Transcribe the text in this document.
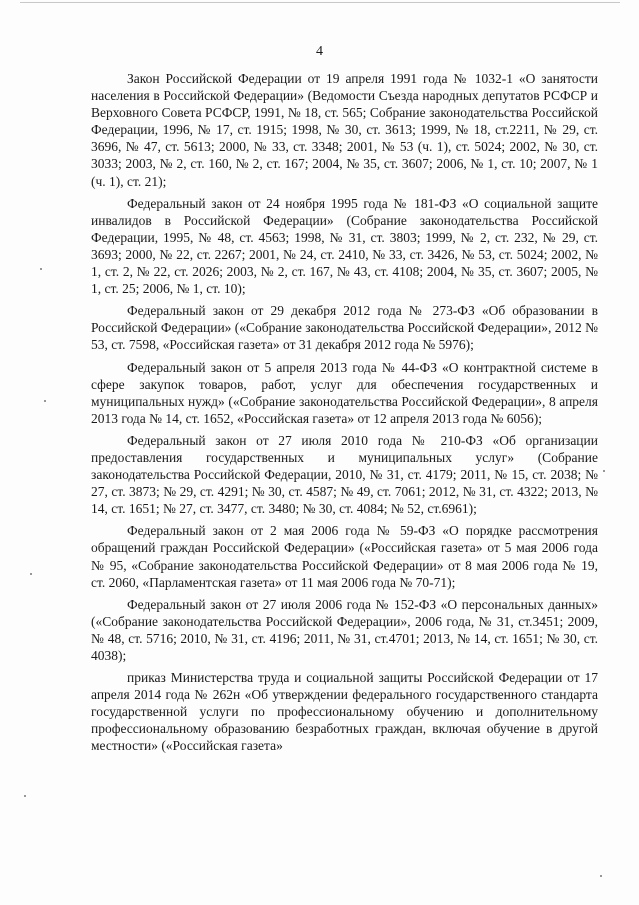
4

Закон Российской Федерации от 19 апреля 1991 года № 1032-1 «О занятости населения в Российской Федерации» (Ведомости Съезда народных депутатов РСФСР и Верховного Совета РСФСР, 1991, № 18, ст. 565; Собрание законодательства Российской Федерации, 1996, № 17, ст. 1915; 1998, № 30, ст. 3613; 1999, № 18, ст.2211, № 29, ст. 3696, № 47, ст. 5613; 2000, № 33, ст. 3348; 2001, № 53 (ч. 1), ст. 5024; 2002, № 30, ст. 3033; 2003, № 2, ст. 160, № 2, ст. 167; 2004, № 35, ст. 3607; 2006, № 1, ст. 10; 2007, № 1 (ч. 1), ст. 21);

Федеральный закон от 24 ноября 1995 года № 181-ФЗ «О социальной защите инвалидов в Российской Федерации» (Собрание законодательства Российской Федерации, 1995, № 48, ст. 4563; 1998, № 31, ст. 3803; 1999, № 2, ст. 232, № 29, ст. 3693; 2000, № 22, ст. 2267; 2001, № 24, ст. 2410, № 33, ст. 3426, № 53, ст. 5024; 2002, № 1, ст. 2, № 22, ст. 2026; 2003, № 2, ст. 167, № 43, ст. 4108; 2004, № 35, ст. 3607; 2005, № 1, ст. 25; 2006, № 1, ст. 10);

Федеральный закон от 29 декабря 2012 года № 273-ФЗ «Об образовании в Российской Федерации» («Собрание законодательства Российской Федерации», 2012 № 53, ст. 7598, «Российская газета» от 31 декабря 2012 года № 5976);

Федеральный закон от 5 апреля 2013 года № 44-ФЗ «О контрактной системе в сфере закупок товаров, работ, услуг для обеспечения государственных и муниципальных нужд» («Собрание законодательства Российской Федерации», 8 апреля 2013 года № 14, ст. 1652, «Российская газета» от 12 апреля 2013 года № 6056);

Федеральный закон от 27 июля 2010 года № 210-ФЗ «Об организации предоставления государственных и муниципальных услуг» (Собрание законодательства Российской Федерации, 2010, № 31, ст. 4179; 2011, № 15, ст. 2038; № 27, ст. 3873; № 29, ст. 4291; № 30, ст. 4587; № 49, ст. 7061; 2012, № 31, ст. 4322; 2013, № 14, ст. 1651; № 27, ст. 3477, ст. 3480; № 30, ст. 4084; № 52, ст.6961);

Федеральный закон от 2 мая 2006 года № 59-ФЗ «О порядке рассмотрения обращений граждан Российской Федерации» («Российская газета» от 5 мая 2006 года № 95, «Собрание законодательства Российской Федерации» от 8 мая 2006 года № 19, ст. 2060, «Парламентская газета» от 11 мая 2006 года № 70-71);

Федеральный закон от 27 июля 2006 года № 152-ФЗ «О персональных данных» («Собрание законодательства Российской Федерации», 2006 года, № 31, ст.3451; 2009, № 48, ст. 5716; 2010, № 31, ст. 4196; 2011, № 31, ст.4701; 2013, № 14, ст. 1651; № 30, ст. 4038);

приказ Министерства труда и социальной защиты Российской Федерации от 17 апреля 2014 года № 262н «Об утверждении федерального государственного стандарта государственной услуги по профессиональному обучению и дополнительному профессиональному образованию безработных граждан, включая обучение в другой местности» («Российская газета»
